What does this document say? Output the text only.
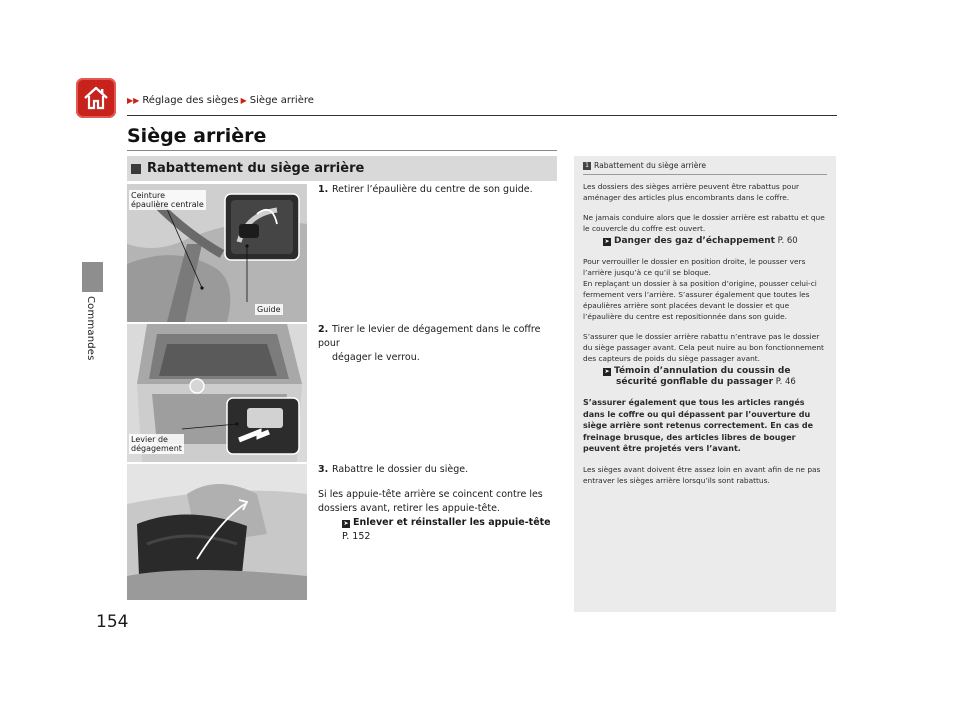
Commandes
▶▶ Réglage des sièges ▶ Siège arrière
Siège arrière
Rabattement du siège arrière
Ceinture
épaulière centrale
Guide
Levier de
dégagement
1. Retirer l’épaulière du centre de son guide.
2. Tirer le levier de dégagement dans le coffre pour
dégager le verrou.
3. Rabattre le dossier du siège.
Si les appuie-tête arrière se coincent contre les
dossiers avant, retirer les appuie-tête.
➤ Enlever et réinstaller les appuie-tête
P. 152
1 Rabattement du siège arrière

Les dossiers des sièges arrière peuvent être rabattus pour aménager des articles plus encombrants dans le coffre.

Ne jamais conduire alors que le dossier arrière est rabattu et que le couvercle du coffre est ouvert.

➤ Danger des gaz d’échappement P. 60

Pour verrouiller le dossier en position droite, le pousser vers l’arrière jusqu’à ce qu’il se bloque.

En replaçant un dossier à sa position d’origine, pousser celui-ci fermement vers l’arrière. S’assurer également que toutes les épaulières arrière sont placées devant le dossier et que l’épaulière du centre est repositionnée dans son guide.

S’assurer que le dossier arrière rabattu n’entrave pas le dossier du siège passager avant. Cela peut nuire au bon fonctionnement des capteurs de poids du siège passager avant.

➤ Témoin d’annulation du coussin de
sécurité gonflable du passager P. 46

S’assurer également que tous les articles rangés dans le coffre ou qui dépassent par l’ouverture du siège arrière sont retenus correctement. En cas de freinage brusque, des articles libres de bouger peuvent être projetés vers l’avant.

Les sièges avant doivent être assez loin en avant afin de ne pas entraver les sièges arrière lorsqu’ils sont rabattus.

154
